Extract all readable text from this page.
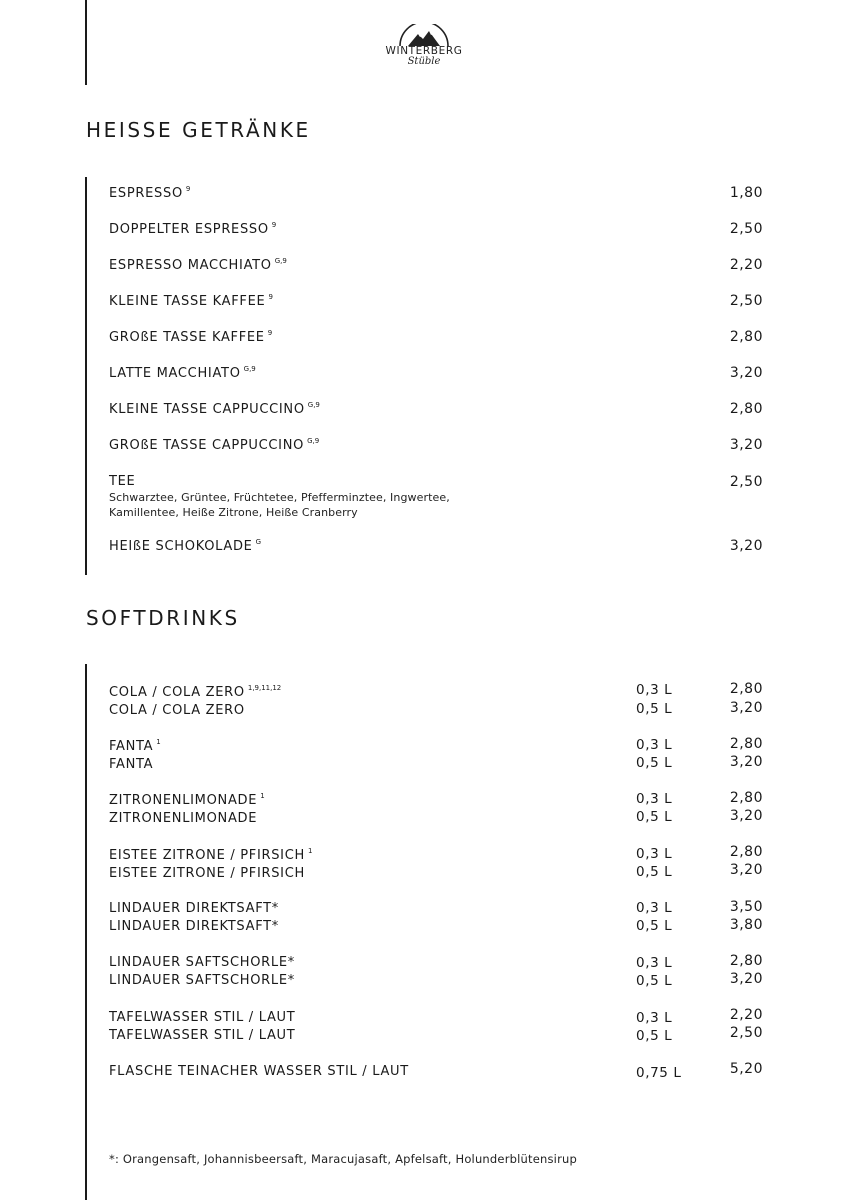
WINTERBERG
Stüble
HEISSE GETRÄNKE
ESPRESSO $^9$	1,80
DOPPELTER ESPRESSO $^9$	2,50
ESPRESSO MACCHIATO $^{G,9}$	2,20
KLEINE TASSE KAFFEE $^9$	2,50
GROßE TASSE KAFFEE $^9$	2,80
LATTE MACCHIATO $^{G,9}$	3,20
KLEINE TASSE CAPPUCCINO $^{G,9}$	2,80
GROßE TASSE CAPPUCCINO $^{G,9}$	3,20
TEE	2,50
Schwarztee, Grüntee, Früchtetee, Pfefferminztee, Ingwertee,
Kamillentee, Heiße Zitrone, Heiße Cranberry
HEIßE SCHOKOLADE $^G$	3,20
SOFTDRINKS
COLA / COLA ZERO $^{1,9,11,12}$	0,3 L	2,80
COLA / COLA ZERO	0,5 L	3,20
FANTA $^1$	0,3 L	2,80
FANTA	0,5 L	3,20
ZITRONENLIMONADE $^1$	0,3 L	2,80
ZITRONENLIMONADE	0,5 L	3,20
EISTEE ZITRONE / PFIRSICH $^1$	0,3 L	2,80
EISTEE ZITRONE / PFIRSICH	0,5 L	3,20
LINDAUER DIREKTSAFT*	0,3 L	3,50
LINDAUER DIREKTSAFT*	0,5 L	3,80
LINDAUER SAFTSCHORLE*	0,3 L	2,80
LINDAUER SAFTSCHORLE*	0,5 L	3,20
TAFELWASSER STIL / LAUT	0,3 L	2,20
TAFELWASSER STIL / LAUT	0,5 L	2,50
FLASCHE TEINACHER WASSER STIL / LAUT	0,75 L	5,20
*: Orangensaft, Johannisbeersaft, Maracujasaft, Apfelsaft, Holunderblütensirup
